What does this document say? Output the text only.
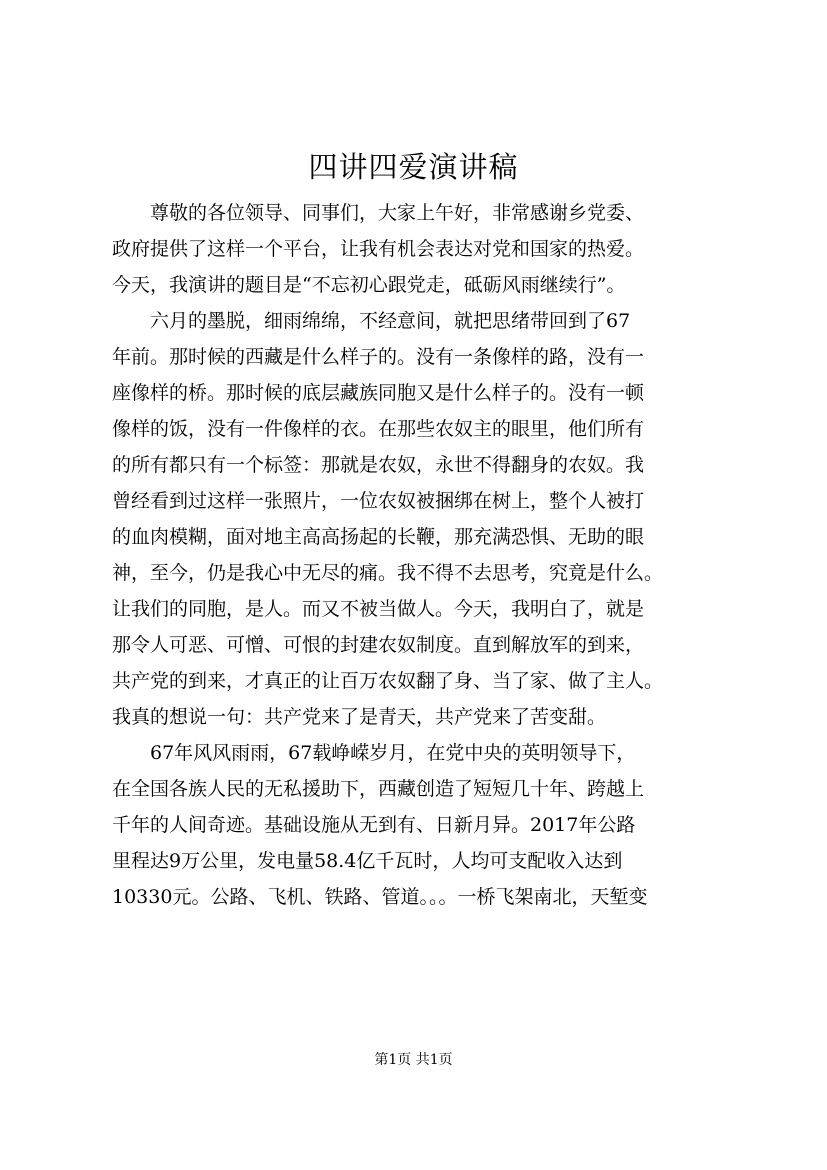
四讲四爱演讲稿
　　尊敬的各位领导、同事们，大家上午好，非常感谢乡党委、
政府提供了这样一个平台，让我有机会表达对党和国家的热爱。
今天，我演讲的题目是“不忘初心跟党走，砥砺风雨继续行”。
　　六月的墨脱，细雨绵绵，不经意间，就把思绪带回到了67
年前。那时候的西藏是什么样子的。没有一条像样的路，没有一
座像样的桥。那时候的底层藏族同胞又是什么样子的。没有一顿
像样的饭，没有一件像样的衣。在那些农奴主的眼里，他们所有
的所有都只有一个标签：那就是农奴，永世不得翻身的农奴。我
曾经看到过这样一张照片，一位农奴被捆绑在树上，整个人被打
的血肉模糊，面对地主高高扬起的长鞭，那充满恐惧、无助的眼
神，至今，仍是我心中无尽的痛。我不得不去思考，究竟是什么。
让我们的同胞，是人。而又不被当做人。今天，我明白了，就是
那令人可恶、可憎、可恨的封建农奴制度。直到解放军的到来，
共产党的到来，才真正的让百万农奴翻了身、当了家、做了主人。
我真的想说一句：共产党来了是青天，共产党来了苦变甜。
　　67年风风雨雨，67载峥嵘岁月，在党中央的英明领导下，
在全国各族人民的无私援助下，西藏创造了短短几十年、跨越上
千年的人间奇迹。基础设施从无到有、日新月异。2017年公路
里程达9万公里，发电量58.4亿千瓦时，人均可支配收入达到
10330元。公路、飞机、铁路、管道。。。一桥飞架南北，天堑变
第1页 共1页
